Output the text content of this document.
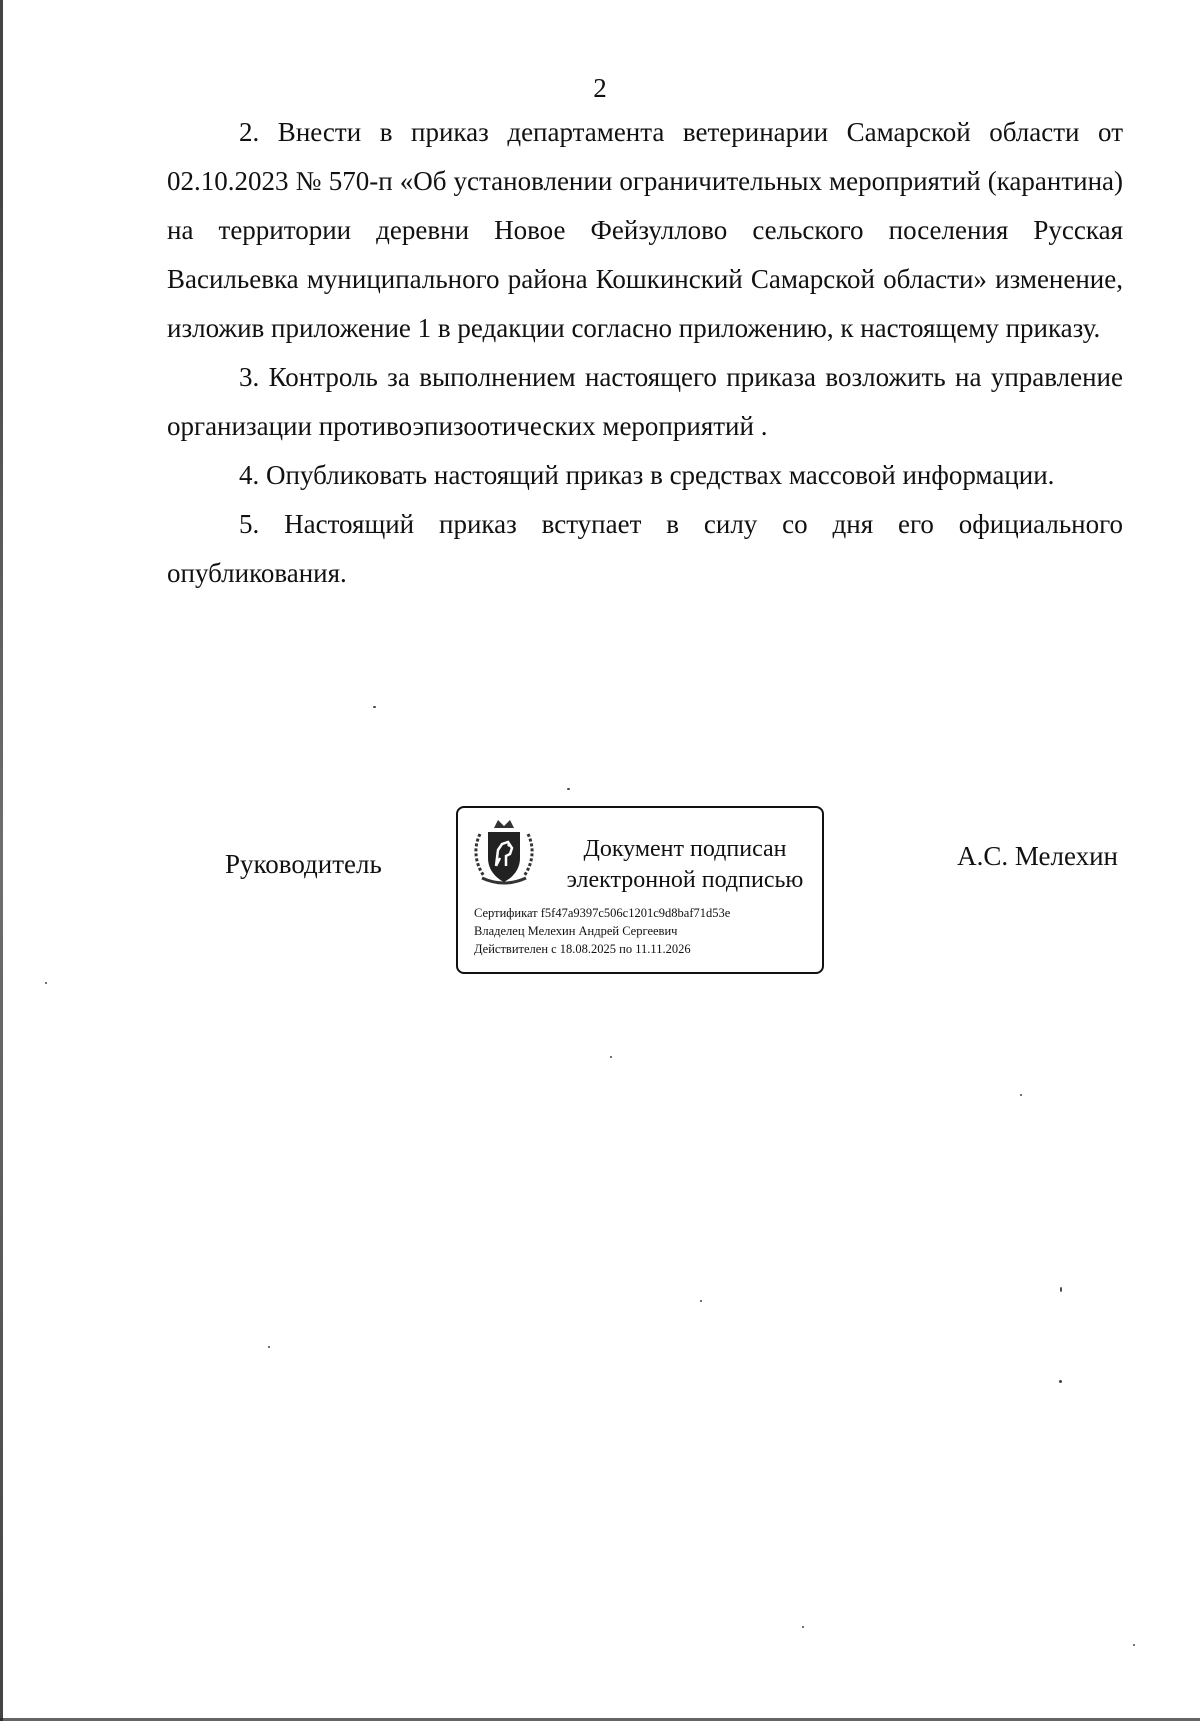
2

2. Внести в приказ департамента ветеринарии Самарской области от 02.10.2023 № 570-п «Об установлении ограничительных мероприятий (карантина) на территории деревни Новое Фейзуллово сельского поселения Русская Васильевка муниципального района Кошкинский Самарской области» изменение, изложив приложение 1 в редакции согласно приложению, к настоящему приказу.

3. Контроль за выполнением настоящего приказа возложить на управление организации противоэпизоотических мероприятий .

4. Опубликовать настоящий приказ в средствах массовой информации.

5. Настоящий приказ вступает в силу со дня его официального опубликования.

Руководитель	Документ подписан
электронной подписью
Сертификат f5f47a9397c506c1201c9d8baf71d53e
Владелец Мелехин Андрей Сергеевич
Действителен с 18.08.2025 по 11.11.2026
А.С. Мелехин
